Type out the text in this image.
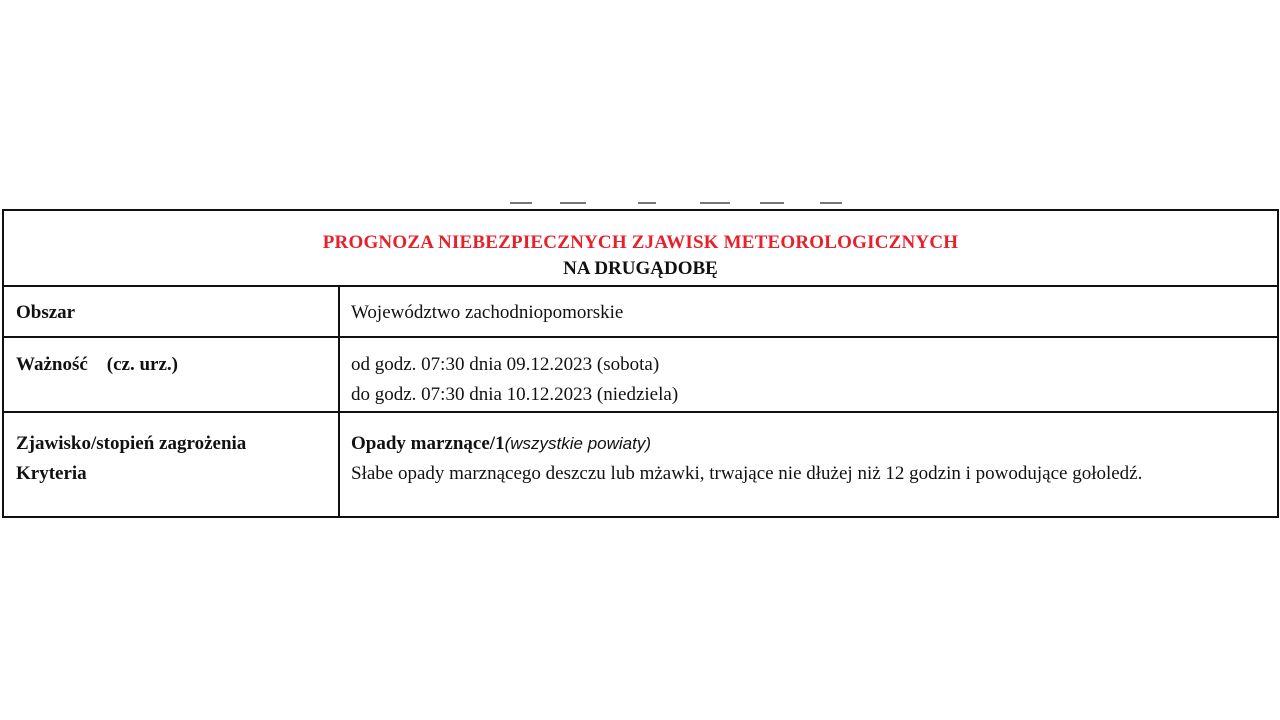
PROGNOZA NIEBEZPIECZNYCH ZJAWISK METEOROLOGICZNYCH
NA DRUGĄDOBĘ
Obszar	Województwo zachodniopomorskie
Ważność    (cz. urz.)	od godz. 07:30 dnia 09.12.2023 (sobota)
do godz. 07:30 dnia 10.12.2023 (niedziela)
Zjawisko/stopień zagrożenia
Kryteria
Opady marznące/1(wszystkie powiaty)
Słabe opady marznącego deszczu lub mżawki, trwające nie dłużej niż 12 godzin i powodujące gołoledź.
